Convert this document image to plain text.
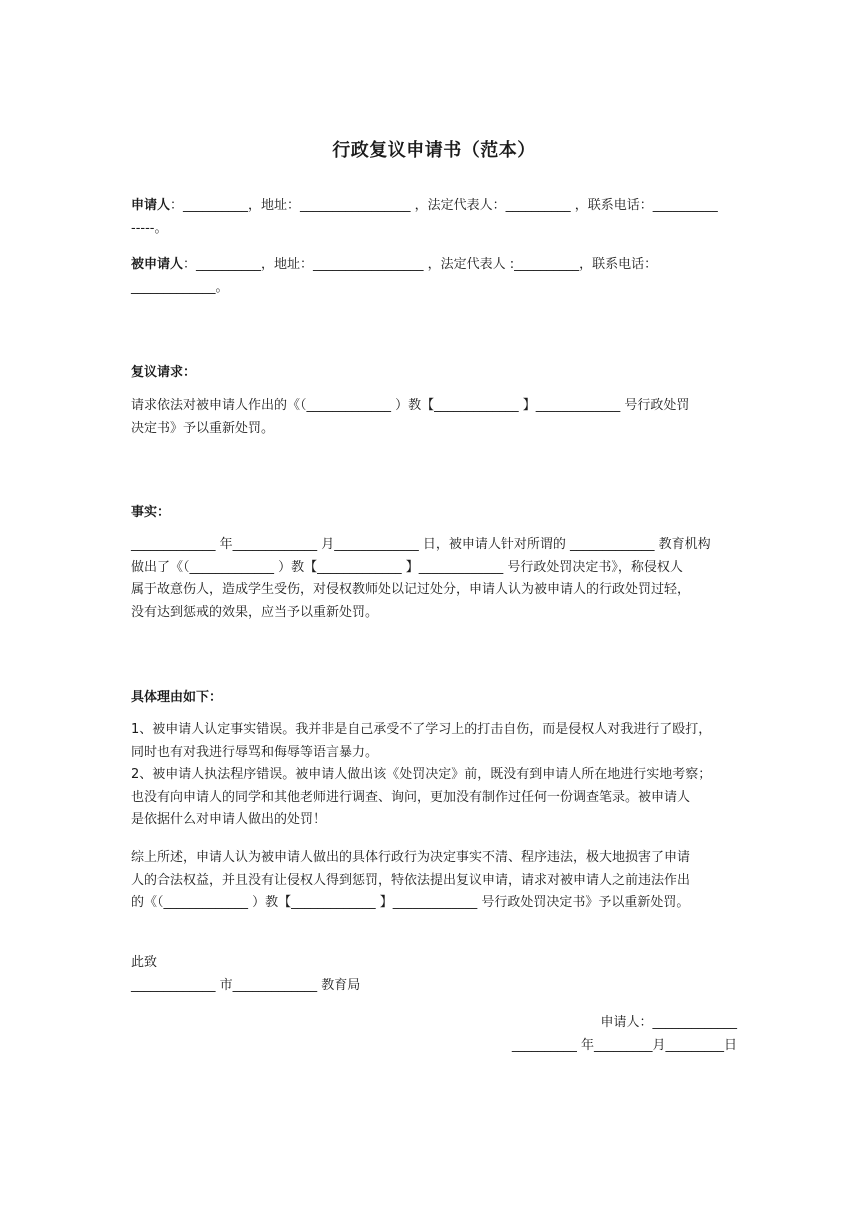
行政复议申请书（范本）
申请人：__________，地址：_________________ ，法定代表人：__________ ，联系电话：__________
-----。
被申请人：__________，地址：_________________ ，法定代表人 :__________，联系电话：
_____________。
复议请求：
请求依法对被申请人作出的《（_____________ ）教【_____________ 】_____________ 号行政处罚
决定书》予以重新处罚。
事实：
_____________ 年_____________ 月_____________ 日，被申请人针对所谓的 _____________ 教育机构
做出了《（_____________ ）教【_____________ 】_____________ 号行政处罚决定书》，称侵权人
属于故意伤人，造成学生受伤，对侵权教师处以记过处分，申请人认为被申请人的行政处罚过轻，
没有达到惩戒的效果，应当予以重新处罚。
具体理由如下：
1、被申请人认定事实错误。我并非是自己承受不了学习上的打击自伤，而是侵权人对我进行了殴打，
同时也有对我进行辱骂和侮辱等语言暴力。
2、被申请人执法程序错误。被申请人做出该《处罚决定》前，既没有到申请人所在地进行实地考察；
也没有向申请人的同学和其他老师进行调查、询问，更加没有制作过任何一份调查笔录。被申请人
是依据什么对申请人做出的处罚！
综上所述，申请人认为被申请人做出的具体行政行为决定事实不清、程序违法，极大地损害了申请
人的合法权益，并且没有让侵权人得到惩罚，特依法提出复议申请，请求对被申请人之前违法作出
的《（_____________ ）教【_____________ 】_____________ 号行政处罚决定书》予以重新处罚。
此致
_____________ 市_____________ 教育局
申请人：_____________
__________ 年_________月_________日
